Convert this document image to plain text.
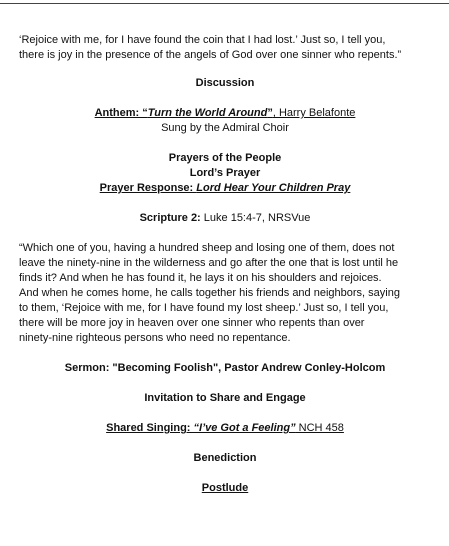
‘Rejoice with me, for I have found the coin that I had lost.’ Just so, I tell you,

there is joy in the presence of the angels of God over one sinner who repents.”

Discussion

Anthem: “Turn the World Around”, Harry Belafonte

Sung by the Admiral Choir

Prayers of the People

Lord’s Prayer

Prayer Response: Lord Hear Your Children Pray

Scripture 2: Luke 15:4-7, NRSVue

“Which one of you, having a hundred sheep and losing one of them, does not

leave the ninety-nine in the wilderness and go after the one that is lost until he

finds it? And when he has found it, he lays it on his shoulders and rejoices.

And when he comes home, he calls together his friends and neighbors, saying

to them, ‘Rejoice with me, for I have found my lost sheep.’ Just so, I tell you,

there will be more joy in heaven over one sinner who repents than over

ninety-nine righteous persons who need no repentance.

Sermon: "Becoming Foolish", Pastor Andrew Conley-Holcom

Invitation to Share and Engage

Shared Singing: “I’ve Got a Feeling” NCH 458

Benediction

Postlude
